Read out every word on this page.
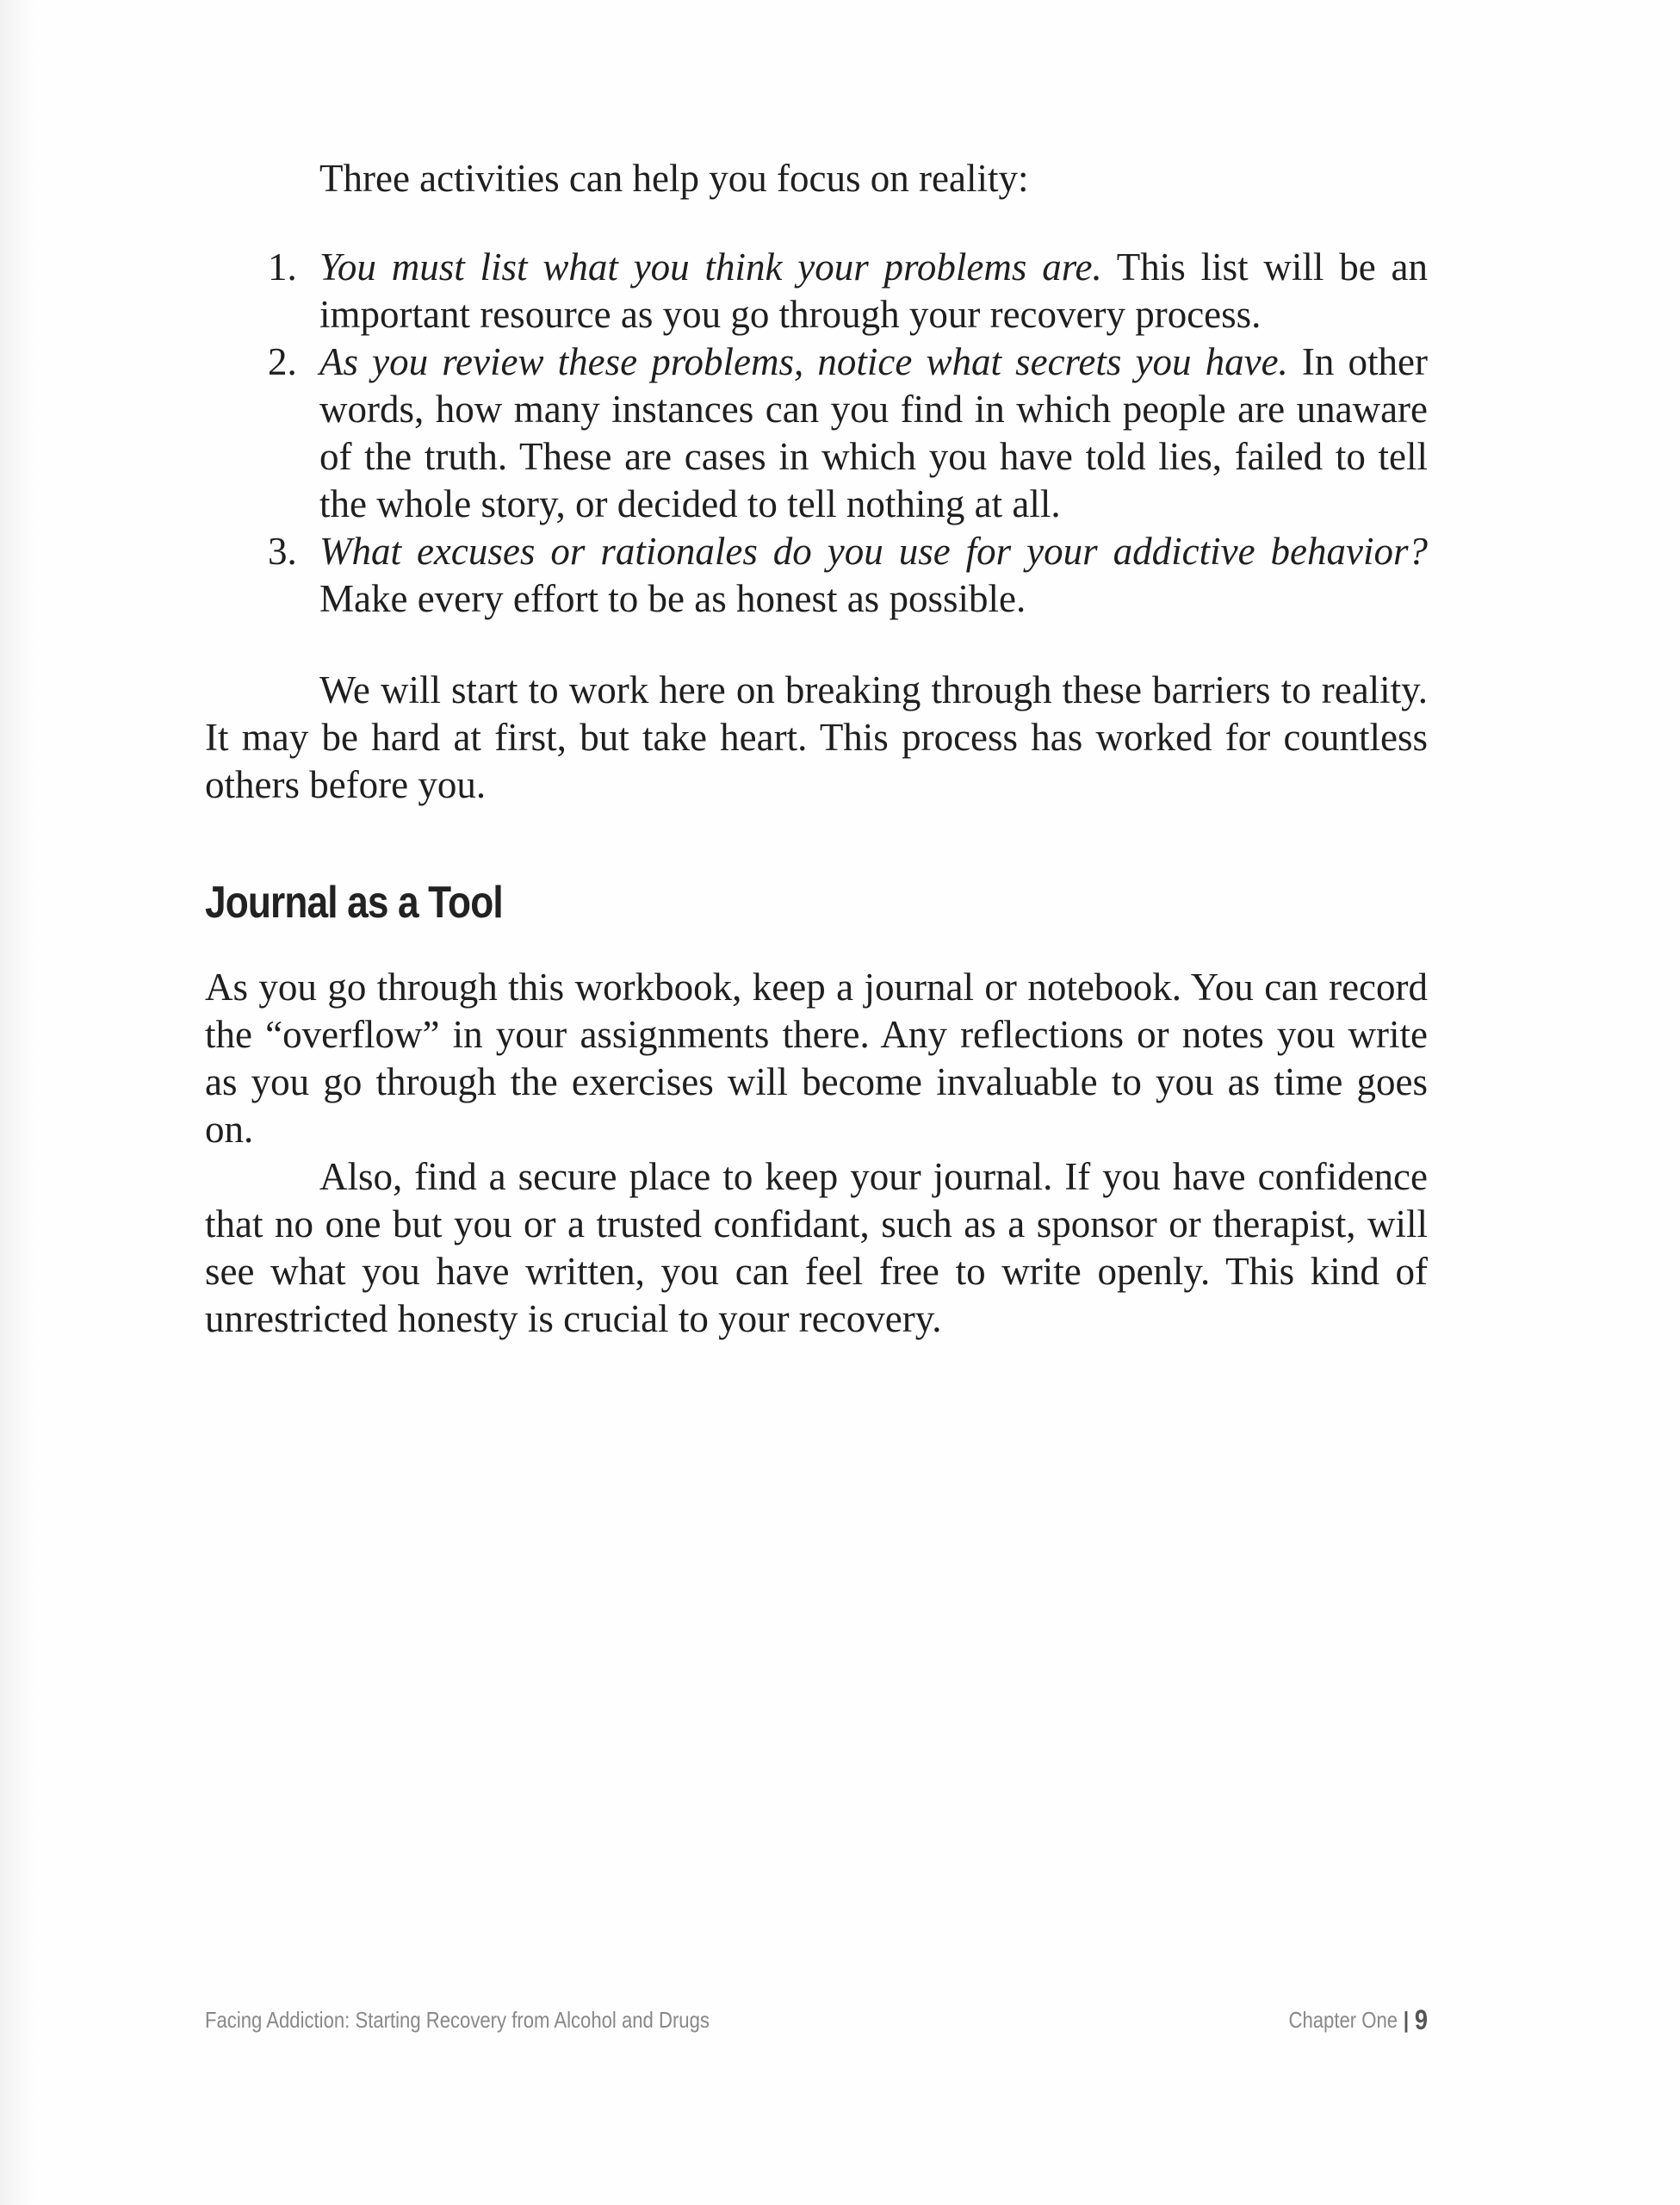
Three activities can help you focus on reality:

1. You must list what you think your problems are. This list will be an important resource as you go through your recovery process.
2. As you review these problems, notice what secrets you have. In other words, how many instances can you find in which people are unaware of the truth. These are cases in which you have told lies, failed to tell the whole story, or decided to tell nothing at all.
3. What excuses or rationales do you use for your addictive behavior? Make every effort to be as honest as possible.

We will start to work here on breaking through these barriers to reality. It may be hard at first, but take heart. This process has worked for countless others before you.

Journal as a Tool

As you go through this workbook, keep a journal or notebook. You can record the “overflow” in your assignments there. Any reflections or notes you write as you go through the exercises will become invaluable to you as time goes on.

Also, find a secure place to keep your journal. If you have confidence that no one but you or a trusted confidant, such as a sponsor or therapist, will see what you have written, you can feel free to write openly. This kind of unrestricted honesty is crucial to your recovery.

Facing Addiction: Starting Recovery from Alcohol and Drugs	Chapter One | 9
